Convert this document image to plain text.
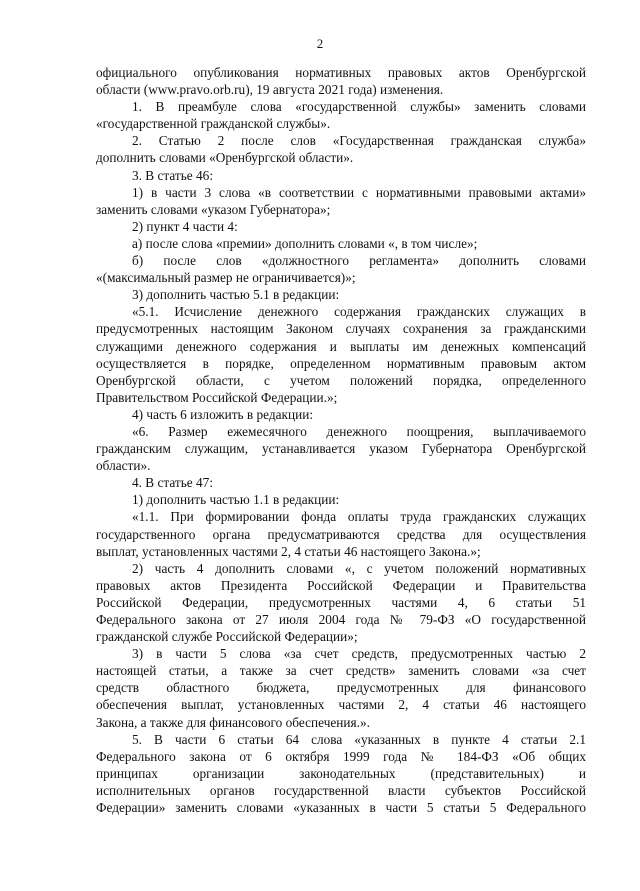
2
официального опубликования нормативных правовых актов Оренбургской
области (www.pravo.orb.ru), 19 августа 2021 года) изменения.
1. В преамбуле слова «государственной службы» заменить словами
«государственной гражданской службы».
2. Статью 2 после слов «Государственная гражданская служба»
дополнить словами «Оренбургской области».
3. В статье 46:
1) в части 3 слова «в соответствии с нормативными правовыми актами»
заменить словами «указом Губернатора»;
2) пункт 4 части 4:
а) после слова «премии» дополнить словами «, в том числе»;
б) после слов «должностного регламента» дополнить словами
«(максимальный размер не ограничивается)»;
3) дополнить частью 5.1 в редакции:
«5.1. Исчисление денежного содержания гражданских служащих в
предусмотренных настоящим Законом случаях сохранения за гражданскими
служащими денежного содержания и выплаты им денежных компенсаций
осуществляется в порядке, определенном нормативным правовым актом
Оренбургской области, с учетом положений порядка, определенного
Правительством Российской Федерации.»;
4) часть 6 изложить в редакции:
«6. Размер ежемесячного денежного поощрения, выплачиваемого
гражданским служащим, устанавливается указом Губернатора Оренбургской
области».
4. В статье 47:
1) дополнить частью 1.1 в редакции:
«1.1. При формировании фонда оплаты труда гражданских служащих
государственного органа предусматриваются средства для осуществления
выплат, установленных частями 2, 4 статьи 46 настоящего Закона.»;
2) часть 4 дополнить словами «, с учетом положений нормативных
правовых актов Президента Российской Федерации и Правительства
Российской Федерации, предусмотренных частями 4, 6 статьи 51
Федерального закона от 27 июля 2004 года № 79-ФЗ «О государственной
гражданской службе Российской Федерации»;
3) в части 5 слова «за счет средств, предусмотренных частью 2
настоящей статьи, а также за счет средств» заменить словами «за счет
средств областного бюджета, предусмотренных для финансового
обеспечения выплат, установленных частями 2, 4 статьи 46 настоящего
Закона, а также для финансового обеспечения.».
5. В части 6 статьи 64 слова «указанных в пункте 4 статьи 2.1
Федерального закона от 6 октября 1999 года № 184-ФЗ «Об общих
принципах организации законодательных (представительных) и
исполнительных органов государственной власти субъектов Российской
Федерации» заменить словами «указанных в части 5 статьи 5 Федерального
